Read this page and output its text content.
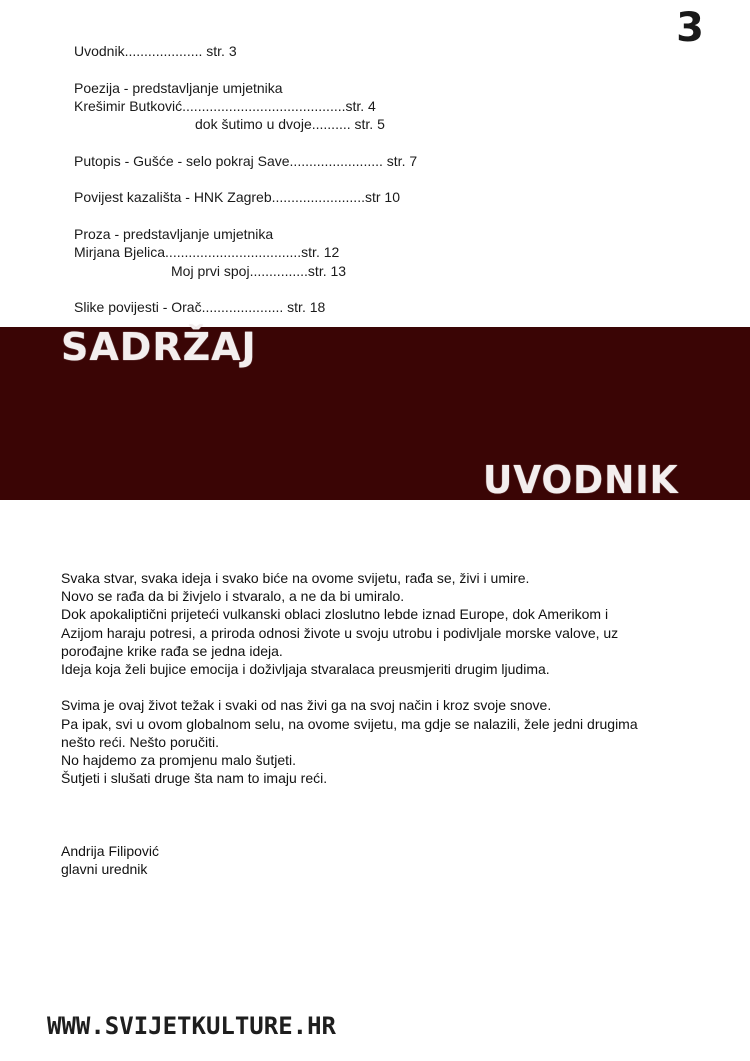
3
Uvodnik.................... str. 3
Poezija - predstavljanje umjetnika
Krešimir Butković..........................................str. 4
dok šutimo u dvoje.......... str. 5
Putopis - Gušće - selo pokraj Save........................ str. 7
Povijest kazališta - HNK Zagreb........................str 10
Proza - predstavljanje umjetnika
Mirjana Bjelica...................................str. 12
Moj prvi spoj...............str. 13
Slike povijesti - Orač..................... str. 18
SADRŽAJ
UVODNIK

Svaka stvar, svaka ideja i svako biće na ovome svijetu, rađa se, živi i umire.

Novo se rađa da bi živjelo i stvaralo, a ne da bi umiralo.

Dok apokaliptični prijeteći vulkanski oblaci zloslutno lebde iznad Europe, dok Amerikom i

Azijom haraju potresi, a priroda odnosi živote u svoju utrobu i podivljale morske valove, uz

porođajne krike rađa se jedna ideja.

Ideja koja želi bujice emocija i doživljaja stvaralaca preusmjeriti drugim ljudima.

Svima je ovaj život težak i svaki od nas živi ga na svoj način i kroz svoje snove.

Pa ipak, svi u ovom globalnom selu, na ovome svijetu, ma gdje se nalazili, žele jedni drugima

nešto reći. Nešto poručiti.

No hajdemo za promjenu malo šutjeti.

Šutjeti i slušati druge šta nam to imaju reći.

Andrija Filipović
glavni urednik
WWW.SVIJETKULTURE.HR
